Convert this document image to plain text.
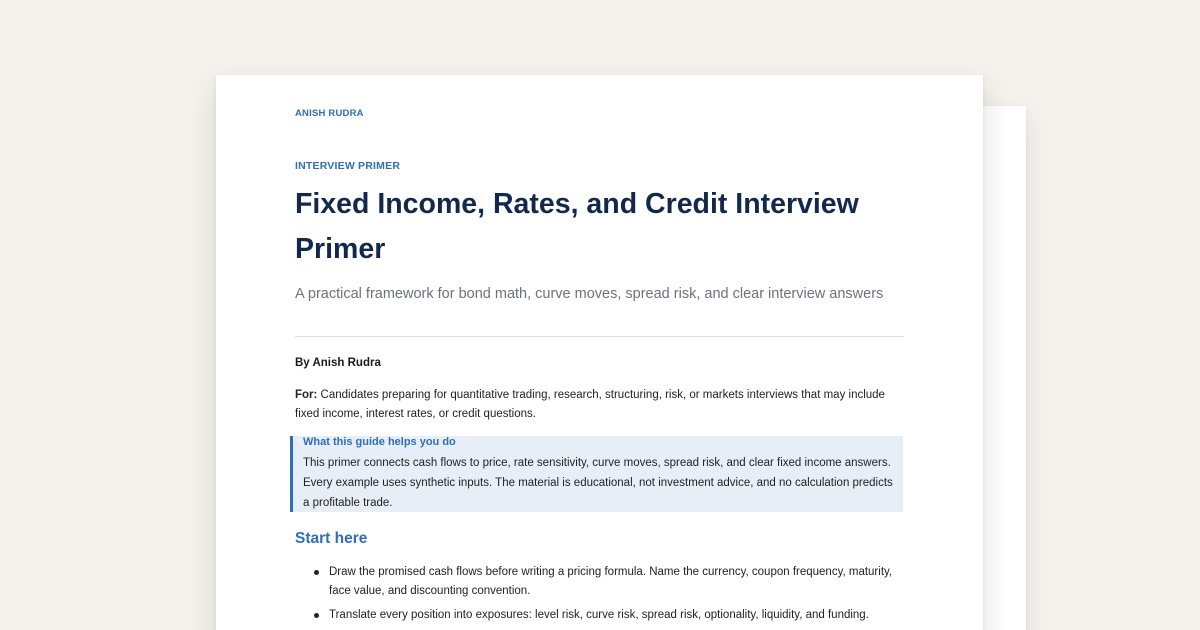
ANISH RUDRA
INTERVIEW PRIMER
Fixed Income, Rates, and Credit Interview Primer

A practical framework for bond math, curve moves, spread risk, and clear interview answers

By Anish Rudra
For: Candidates preparing for quantitative trading, research, structuring, risk, or markets interviews that may include fixed income, interest rates, or credit questions.
What this guide helps you do
This primer connects cash flows to price, rate sensitivity, curve moves, spread risk, and clear fixed income answers. Every example uses synthetic inputs. The material is educational, not investment advice, and no calculation predicts a profitable trade.
Start here
Draw the promised cash flows before writing a pricing formula. Name the currency, coupon frequency, maturity, face value, and discounting convention.
Translate every position into exposures: level risk, curve risk, spread risk, optionality, liquidity, and funding.
